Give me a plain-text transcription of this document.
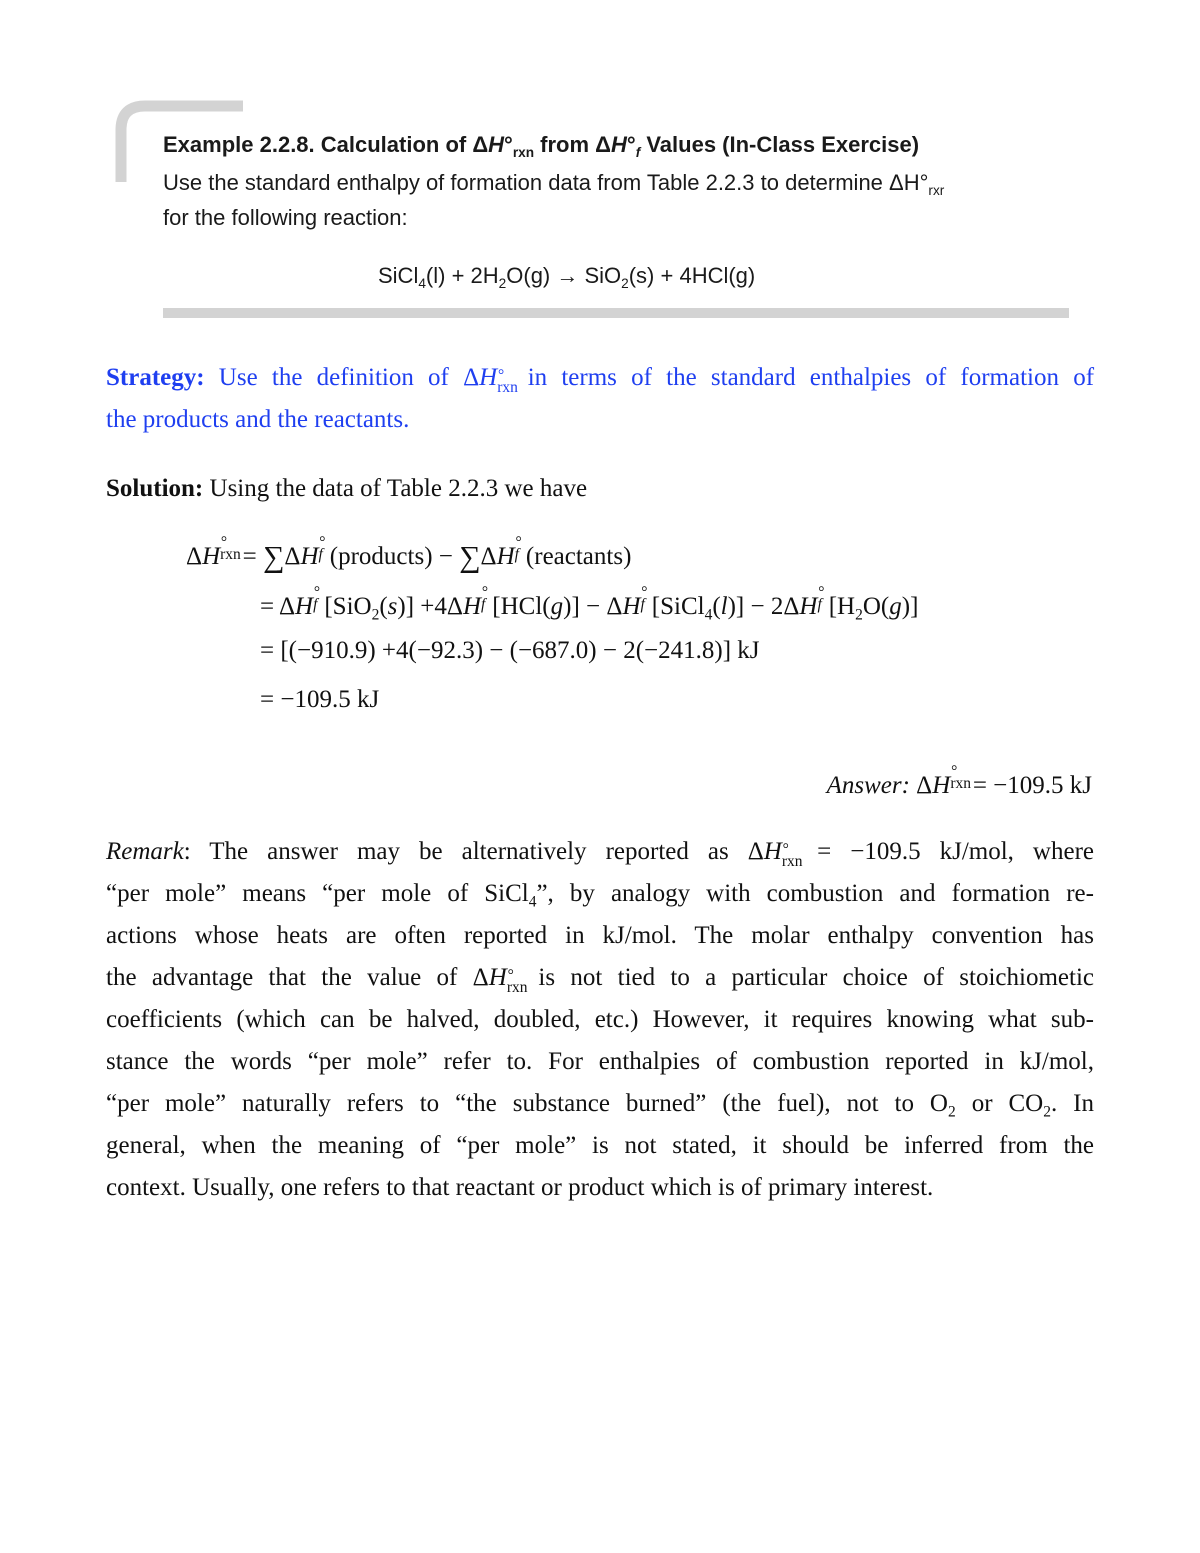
Example 2.2.8. Calculation of $\Delta H^\circ_{rxn}$ from $\Delta H^\circ_f$ Values (In-Class Exercise)
Use the standard enthalpy of formation data from Table 2.2.3 to determine $\Delta H^\circ_{rxr}$
for the following reaction:
SiCl$_4$(l) + $2H_2O(g) \to SiO_2(s) + 4HCl(g)$
Strategy: Use the definition of ΔH °
rxn in terms of the standard enthalpies of formation of
the products and the reactants.
Solution: Using the data of Table 2.2.3 we have
ΔH
°
rxn
= ∑ΔH
°
f (products) − ∑ΔH
°
f (reactants)
= ΔH
°
f [SiO$_2$(s)] +4ΔH
°
f [HCl(g)] − ΔH
°
f [SiCl$_4$(l)] − 2ΔH
°
f $[H_2O(g)]$
= [(−910.9) +4(−92.3) − (−687.0) − 2(−241.8)] kJ
= −109.5 kJ
Answer: ΔH
°
rxn = −109.5 kJ
Remark: The answer may be alternatively reported as ΔH °
rxn = −109.5 kJ/mol, where
“per mole” means “per mole of SiCl$_4$”, by analogy with combustion and formation re-
actions whose heats are often reported in kJ/mol. The molar enthalpy convention has
the advantage that the value of ΔH °
rxn is not tied to a particular choice of stoichiometic
coefficients (which can be halved, doubled, etc.) However, it requires knowing what sub-
stance the words “per mole” refer to. For enthalpies of combustion reported in kJ/mol,
“per mole” naturally refers to “the substance burned” (the fuel), not to $O_2$ or $CO_2$. In
general, when the meaning of “per mole” is not stated, it should be inferred from the
context. Usually, one refers to that reactant or product which is of primary interest.
